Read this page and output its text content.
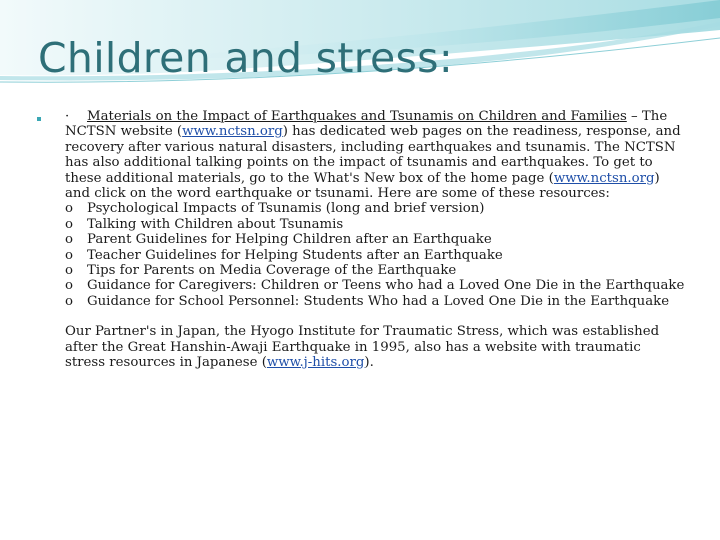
Children and stress:

· Materials on the Impact of Earthquakes and Tsunamis on Children and Families – The NCTSN website (www.nctsn.org) has dedicated web pages on the readiness, response, and recovery after various natural disasters, including earthquakes and tsunamis. The NCTSN has also additional talking points on the impact of tsunamis and earthquakes. To get to these additional materials, go to the What's New box of the home page (www.nctsn.org) and click on the word earthquake or tsunami. Here are some of these resources:

o Psychological Impacts of Tsunamis (long and brief version)

o Talking with Children about Tsunamis

o Parent Guidelines for Helping Children after an Earthquake

o Teacher Guidelines for Helping Students after an Earthquake

o Tips for Parents on Media Coverage of the Earthquake

o Guidance for Caregivers: Children or Teens who had a Loved One Die in the Earthquake

o Guidance for School Personnel: Students Who had a Loved One Die in the Earthquake

Our Partner's in Japan, the Hyogo Institute for Traumatic Stress, which was established after the Great Hanshin-Awaji Earthquake in 1995, also has a website with traumatic stress resources in Japanese (www.j-hits.org).
